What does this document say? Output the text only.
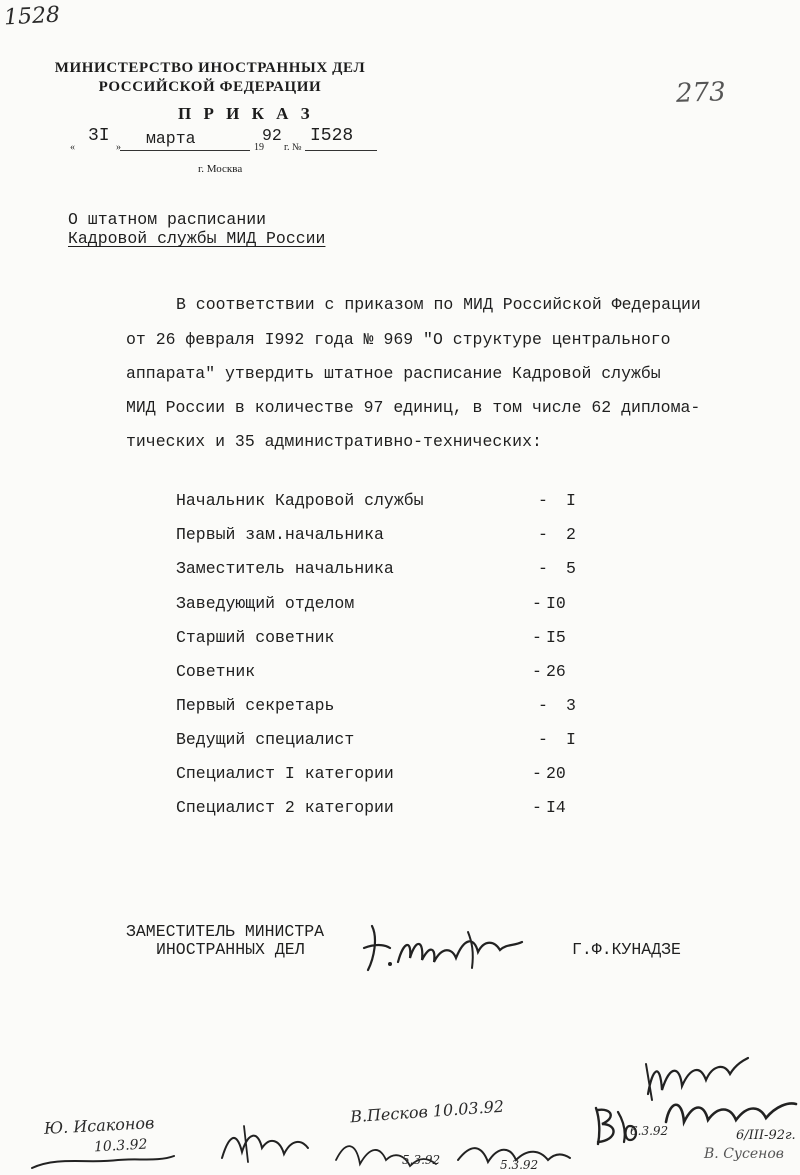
1528
273
МИНИСТЕРСТВО ИНОСТРАННЫХ ДЕЛ
РОССИЙСКОЙ ФЕДЕРАЦИИ
П Р И К А З
«
3I
» марта	19
92
г. №
I528
г. Москва
О штатном расписании
Кадровой службы МИД России
В соответствии с приказом по МИД Российской Федерации
от 26 февраля I992 года № 969 "О структуре центрального
аппарата" утвердить штатное расписание Кадровой службы
МИД России в количестве 97 единиц, в том числе 62 диплома-
тических и 35 административно-технических:
Начальник Кадровой службы	- I
Первый зам.начальника	- 2
Заместитель начальника	- 5
Заведующий отделом	- I0
Старший советник	- I5
Советник	- 26
Первый секретарь	- 3
Ведущий специалист	- I
Специалист I категории	- 20
Специалист 2 категории	- I4
ЗАМЕСТИТЕЛЬ МИНИСТРА
ИНОСТРАННЫХ ДЕЛ	Г.Ф.КУНАДЗЕ
Ю. Исаконов
10.3.92
В.Песков 10.03.92
5.3.92	5.3.92
6.3.92	6/III-92г.
В. Сусенов
